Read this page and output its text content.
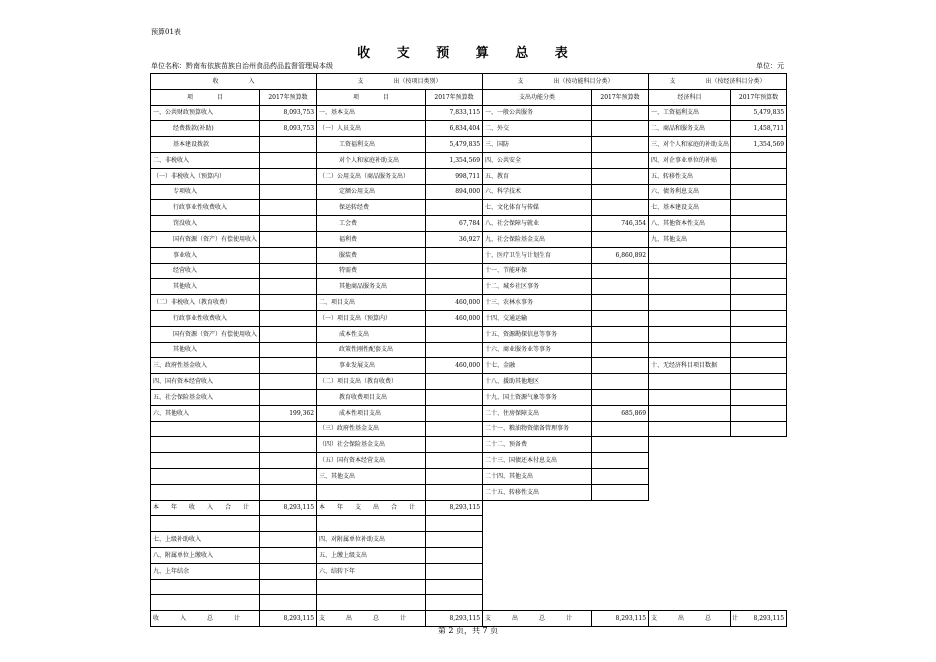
预算01表
收 支 预 算 总 表
单位名称：黔南布依族苗族自治州食品药品监督管理局本级	单位：元
收　　　　　入		支　　　　　出（按项目类别）		支　　　　　出（按功能科目分类）		支　　　　　出（按经济科目分类）	
项　　　　目	2017年预算数	项　　　　目	2017年预算数	支出功能分类	2017年预算数	经济科目	2017年预算数
一、公共财政预算收入	8,093,753	一、基本支出	7,833,115	一、一般公共服务		一、工资福利支出	5,479,835
经费拨款(补助)	8,093,753	（一）人员支出	6,834,404	二、外交		二、商品和服务支出	1,458,711
基本建设拨款		工资福利支出	5,479,835	三、国防		三、对个人和家庭的补助支出	1,354,569
二、非税收入		对个人和家庭补助支出	1,354,569	四、公共安全		四、对企事业单位的补贴	
（一）非税收入（预算内）		（二）公用支出（商品服务支出）	998,711	五、教育		五、转移性支出	
专项收入		定额公用支出	894,000	六、科学技术		六、债务利息支出	
行政事业性收费收入		保运转经费		七、文化体育与传媒		七、基本建设支出	
罚没收入		工会费	67,784	八、社会保障与就业	746,354	八、其他资本性支出	
国有资源（资产）有偿使用收入		福利费	36,927	九、社会保险基金支出		九、其他支出	
事业收入		服装费		十、医疗卫生与计划生育	6,860,892		
经营收入		特需费		十一、节能环保			
其他收入		其他商品服务支出		十二、城乡社区事务			
（二）非税收入（教育收费）		二、项目支出	460,000	十三、农林水事务			
行政事业性收费收入		（一）项目支出（预算内）	460,000	十四、交通运输			
国有资源（资产）有偿使用收入		成本性支出		十五、资源勘探信息等事务			
其他收入		政策性刚性配套支出		十六、商业服务业等事务			
三、政府性基金收入		事业发展支出	460,000	十七、金融		十、无经济科目项目数据	
四、国有资本经营收入		（二）项目支出（教育收费）		十八、援助其他地区			
五、社会保险基金收入		教育收费项目支出		十九、国土资源气象等事务			
六、其他收入	199,362	成本性项目支出		二十、住房保障支出	685,869		
		（三）政府性基金支出		二十一、粮油物资储备管理事务			
		（四）社会保险基金支出		二十二、预备费			
		（五）国有资本经营支出		二十三、国债还本付息支出			
		三、其他支出		二十四、其他支出			
				二十五、转移性支出			
本　年　收　入　合　计	8,293,115	本　年　支　出　合　计	8,293,115				

七、上级补助收入		四、对附属单位补助支出					
八、附属单位上缴收入		五、上缴上级支出					
九、上年结余		六、结转下年					

收　　入　　总　　计	8,293,115	支　　出　　总　　计	8,293,115	支　　出　　总　　计	8,293,115	支　　出　　总　　计	8,293,115
第 2 页，共 7 页
